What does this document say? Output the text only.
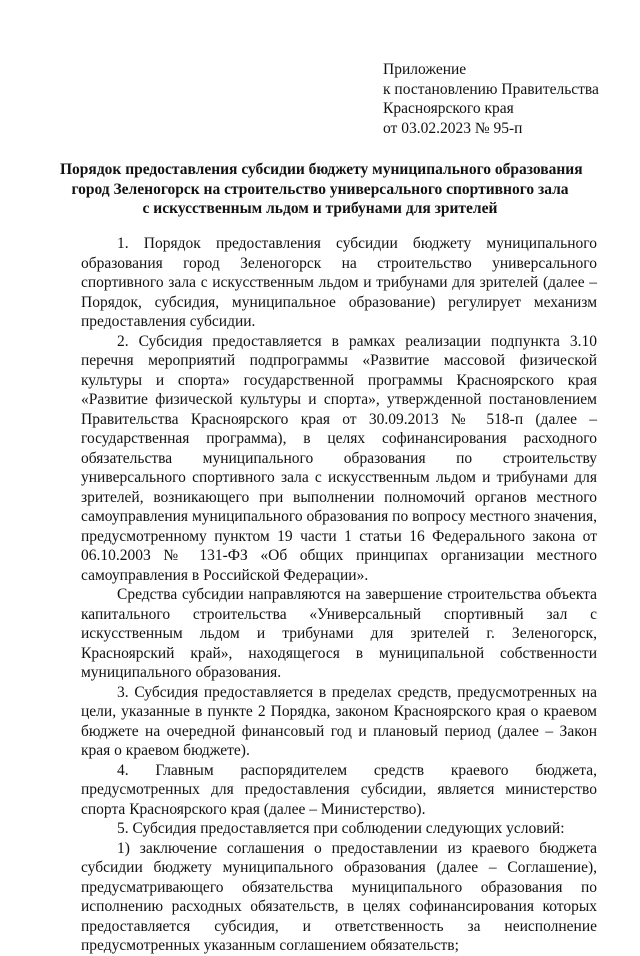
Приложение
к постановлению Правительства
Красноярского края
от 03.02.2023 № 95-п
Порядок предоставления субсидии бюджету муниципального образования
город Зеленогорск на строительство универсального спортивного зала
с искусственным льдом и трибунами для зрителей

1. Порядок предоставления субсидии бюджету муниципального образования город Зеленогорск на строительство универсального спортивного зала с искусственным льдом и трибунами для зрителей (далее – Порядок, субсидия, муниципальное образование) регулирует механизм предоставления субсидии.

2. Субсидия предоставляется в рамках реализации подпункта 3.10 перечня мероприятий подпрограммы «Развитие массовой физической культуры и спорта» государственной программы Красноярского края «Развитие физической культуры и спорта», утвержденной постановлением Правительства Красноярского края от 30.09.2013 № 518-п (далее – государственная программа), в целях софинансирования расходного обязательства муниципального образования по строительству универсального спортивного зала с искусственным льдом и трибунами для зрителей, возникающего при выполнении полномочий органов местного самоуправления муниципального образования по вопросу местного значения, предусмотренному пунктом 19 части 1 статьи 16 Федерального закона от 06.10.2003 № 131-ФЗ «Об общих принципах организации местного самоуправления в Российской Федерации».

Средства субсидии направляются на завершение строительства объекта капитального строительства «Универсальный спортивный зал с искусственным льдом и трибунами для зрителей г. Зеленогорск, Красноярский край», находящегося в муниципальной собственности муниципального образования.

3. Субсидия предоставляется в пределах средств, предусмотренных на цели, указанные в пункте 2 Порядка, законом Красноярского края о краевом бюджете на очередной финансовый год и плановый период (далее – Закон края о краевом бюджете).

4. Главным распорядителем средств краевого бюджета, предусмотренных для предоставления субсидии, является министерство спорта Красноярского края (далее – Министерство).

5. Субсидия предоставляется при соблюдении следующих условий:

1) заключение соглашения о предоставлении из краевого бюджета субсидии бюджету муниципального образования (далее – Соглашение), предусматривающего обязательства муниципального образования по исполнению расходных обязательств, в целях софинансирования которых предоставляется субсидия, и ответственность за неисполнение предусмотренных указанным соглашением обязательств;
